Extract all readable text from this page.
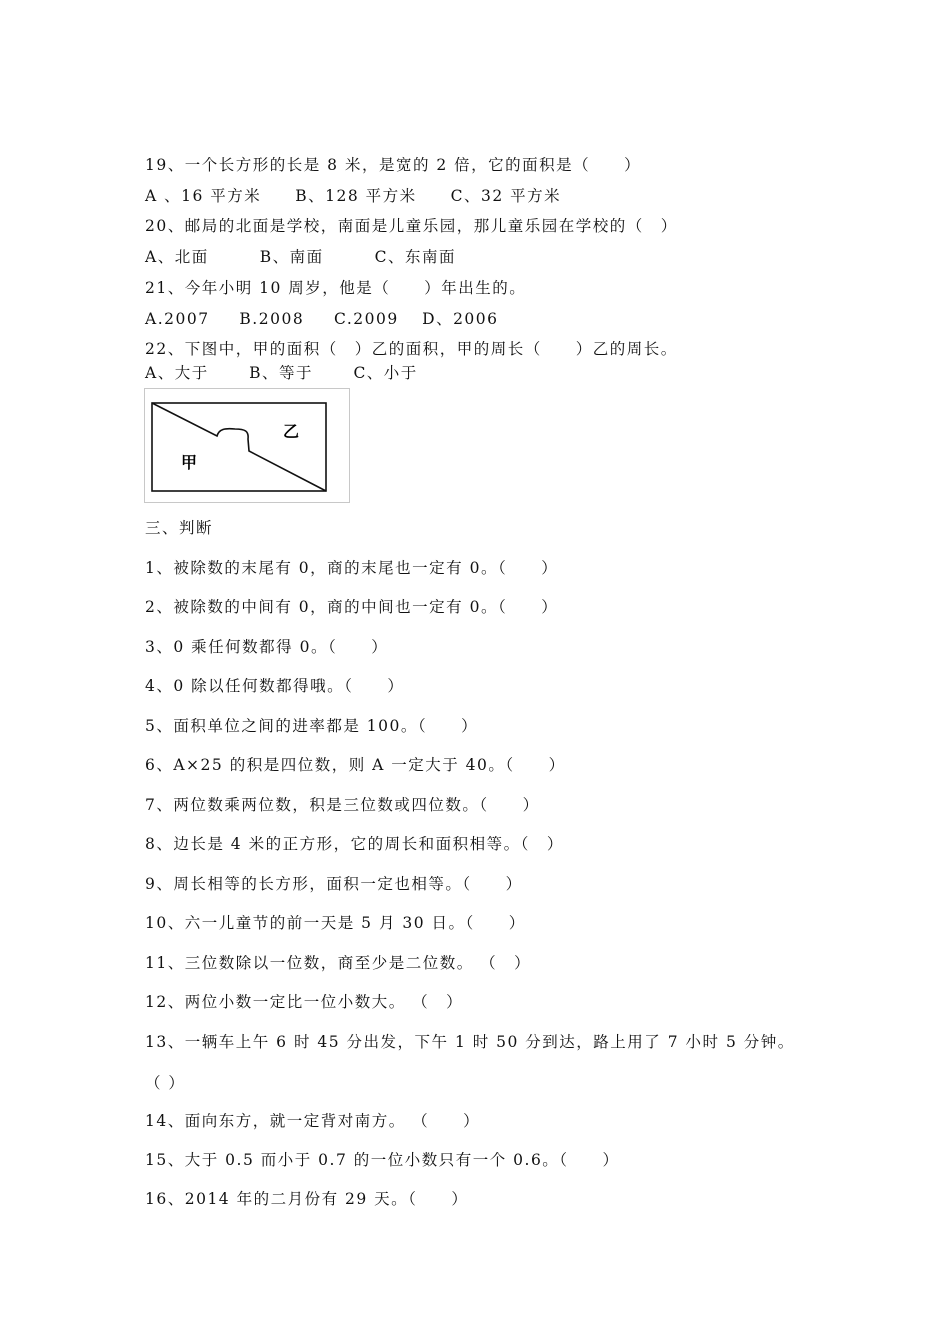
19、一个长方形的长是 8 米，是宽的 2 倍，它的面积是（　　）
A 、16 平方米　　B、128 平方米　　C、32 平方米
20、邮局的北面是学校，南面是儿童乐园，那儿童乐园在学校的（　）
A、北面　　　B、南面　　　C、东南面
21、今年小明 10 周岁，他是（　　）年出生的。
A.2007　  B.2008　  C.2009　 D、2006
22、下图中，甲的面积（　）乙的面积，甲的周长（　　）乙的周长。
A、大于　　 B、等于　　 C、小于
甲
乙
三、判断
1、被除数的末尾有 0，商的末尾也一定有 0。（　　）
2、被除数的中间有 0，商的中间也一定有 0。（　　）
3、0 乘任何数都得 0。（　　）
4、0 除以任何数都得哦。（　　）
5、面积单位之间的进率都是 100。（　　）
6、A×25 的积是四位数，则 A 一定大于 40。（　　）
7、两位数乘两位数，积是三位数或四位数。（　　）
8、边长是 4 米的正方形，它的周长和面积相等。（　）
9、周长相等的长方形，面积一定也相等。（　　）
10、六一儿童节的前一天是 5 月 30 日。（　　）
11、三位数除以一位数，商至少是二位数。 （　）
12、两位小数一定比一位小数大。 （　）
13、一辆车上午 6 时 45 分出发，下午 1 时 50 分到达，路上用了 7 小时 5 分钟。
（ ）
14、面向东方，就一定背对南方。 （　　）
15、大于 0.5 而小于 0.7 的一位小数只有一个 0.6。（　　）
16、2014 年的二月份有 29 天。（　　）
